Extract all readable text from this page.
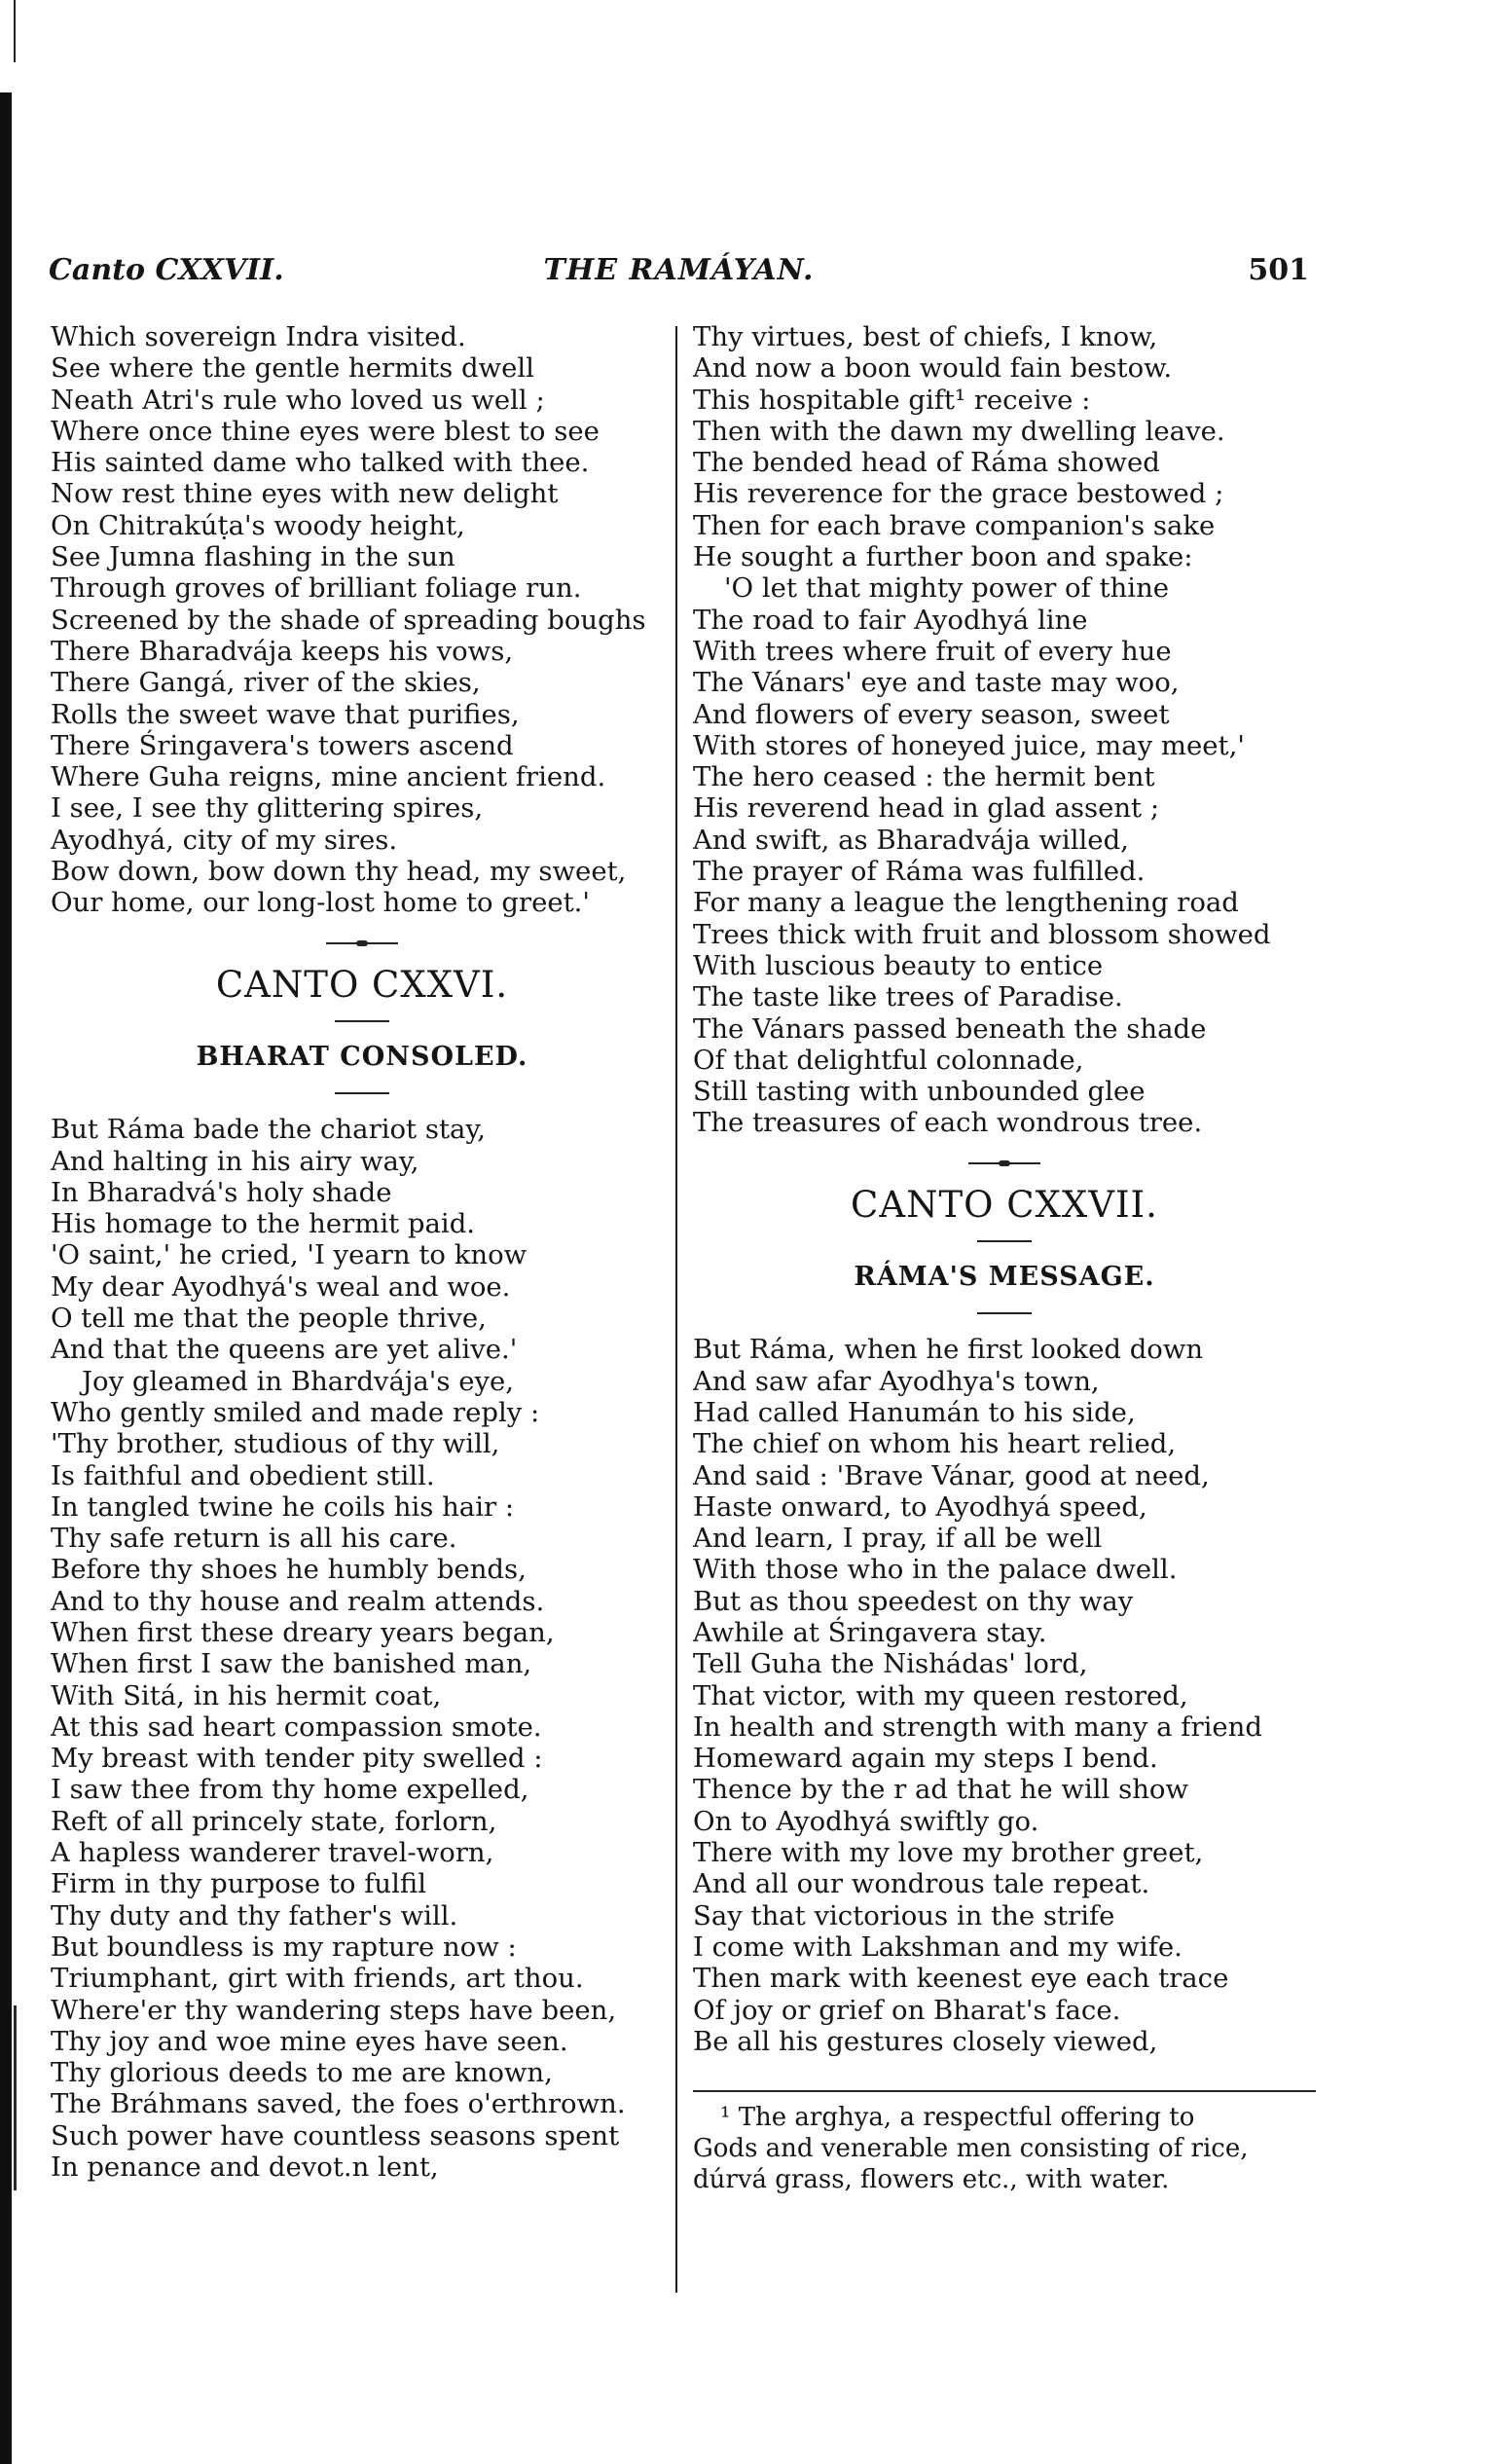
Canto CXXVII.	THE RAMÁYAN.	501
Which sovereign Indra visited.
See where the gentle hermits dwell
Neath Atri's rule who loved us well ;
Where once thine eyes were blest to see
His sainted dame who talked with thee.
Now rest thine eyes with new delight
On Chitrakúṭa's woody height,
See Jumna flashing in the sun
Through groves of brilliant foliage run.
Screened by the shade of spreading boughs
There Bharadvája keeps his vows,
There Gangá, river of the skies,
Rolls the sweet wave that purifies,
There Śringavera's towers ascend
Where Guha reigns, mine ancient friend.
I see, I see thy glittering spires,
Ayodhyá, city of my sires.
Bow down, bow down thy head, my sweet,
Our home, our long-lost home to greet.'
CANTO CXXVI.
BHARAT CONSOLED.
But Ráma bade the chariot stay,
And halting in his airy way,
In Bharadvá's holy shade
His homage to the hermit paid.
'O saint,' he cried, 'I yearn to know
My dear Ayodhyá's weal and woe.
O tell me that the people thrive,
And that the queens are yet alive.'
Joy gleamed in Bhardvája's eye,
Who gently smiled and made reply :
'Thy brother, studious of thy will,
Is faithful and obedient still.
In tangled twine he coils his hair :
Thy safe return is all his care.
Before thy shoes he humbly bends,
And to thy house and realm attends.
When first these dreary years began,
When first I saw the banished man,
With Sitá, in his hermit coat,
At this sad heart compassion smote.
My breast with tender pity swelled :
I saw thee from thy home expelled,
Reft of all princely state, forlorn,
A hapless wanderer travel-worn,
Firm in thy purpose to fulfil
Thy duty and thy father's will.
But boundless is my rapture now :
Triumphant, girt with friends, art thou.
Where'er thy wandering steps have been,
Thy joy and woe mine eyes have seen.
Thy glorious deeds to me are known,
The Bráhmans saved, the foes o'erthrown.
Such power have countless seasons spent
In penance and devot.n lent,
Thy virtues, best of chiefs, I know,
And now a boon would fain bestow.
This hospitable gift¹ receive :
Then with the dawn my dwelling leave.
The bended head of Ráma showed
His reverence for the grace bestowed ;
Then for each brave companion's sake
He sought a further boon and spake:
'O let that mighty power of thine
The road to fair Ayodhyá line
With trees where fruit of every hue
The Vánars' eye and taste may woo,
And flowers of every season, sweet
With stores of honeyed juice, may meet,'
The hero ceased : the hermit bent
His reverend head in glad assent ;
And swift, as Bharadvája willed,
The prayer of Ráma was fulfilled.
For many a league the lengthening road
Trees thick with fruit and blossom showed
With luscious beauty to entice
The taste like trees of Paradise.
The Vánars passed beneath the shade
Of that delightful colonnade,
Still tasting with unbounded glee
The treasures of each wondrous tree.
CANTO CXXVII.
RÁMA'S MESSAGE.
But Ráma, when he first looked down
And saw afar Ayodhya's town,
Had called Hanumán to his side,
The chief on whom his heart relied,
And said : 'Brave Vánar, good at need,
Haste onward, to Ayodhyá speed,
And learn, I pray, if all be well
With those who in the palace dwell.
But as thou speedest on thy way
Awhile at Śringavera stay.
Tell Guha the Nishádas' lord,
That victor, with my queen restored,
In health and strength with many a friend
Homeward again my steps I bend.
Thence by the r ad that he will show
On to Ayodhyá swiftly go.
There with my love my brother greet,
And all our wondrous tale repeat.
Say that victorious in the strife
I come with Lakshman and my wife.
Then mark with keenest eye each trace
Of joy or grief on Bharat's face.
Be all his gestures closely viewed,
¹ The arghya, a respectful offering to
Gods and venerable men consisting of rice,
dúrvá grass, flowers etc., with water.
